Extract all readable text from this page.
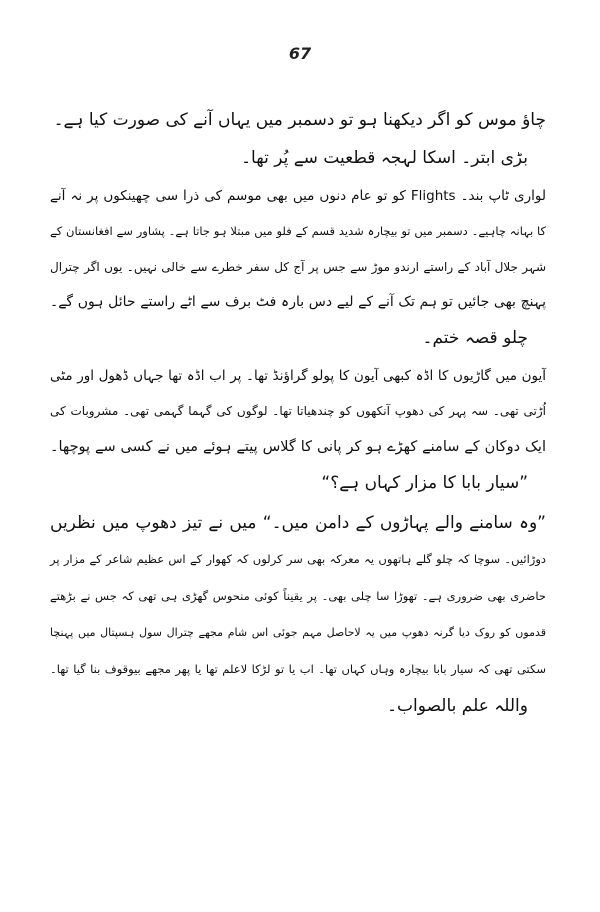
67
چاؤ موس کو اگر دیکھنا ہو تو دسمبر میں یہاں آنے کی صورت کیا ہے۔
بڑی ابتر۔ اسکا لہجہ قطعیت سے پُر تھا۔
لواری ٹاپ بند۔ Flights کو تو عام دنوں میں بھی موسم کی ذرا سی چھینکوں پر نہ آنے
کا بہانہ چاہیے۔ دسمبر میں تو بیچارہ شدید قسم کے فلو میں مبتلا ہو جاتا ہے۔ پشاور سے افغانستان کے
شہر جلال آباد کے راستے ارندو موڑ سے جس پر آج کل سفر خطرے سے خالی نہیں۔ یوں اگر چترال
پہنچ بھی جائیں تو ہم تک آنے کے لیے دس بارہ فٹ برف سے اٹے راستے حائل ہوں گے۔
چلو قصہ ختم۔
آیون میں گاڑیوں کا اڈہ کبھی آیون کا پولو گراؤنڈ تھا۔ پر اب اڈہ تھا جہاں ڈھول اور مٹی
اُڑتی تھی۔ سہ پہر کی دھوپ آنکھوں کو چندھیاتا تھا۔ لوگوں کی گہما گہمی تھی۔ مشروبات کی
ایک دوکان کے سامنے کھڑے ہو کر پانی کا گلاس پیتے ہوئے میں نے کسی سے پوچھا۔
”سیار بابا کا مزار کہاں ہے؟“
”وہ سامنے والے پہاڑوں کے دامن میں۔“ میں نے تیز دھوپ میں نظریں
دوڑائیں۔ سوچا کہ چلو گلے ہاتھوں یہ معرکہ بھی سر کرلوں کہ کھوار کے اس عظیم شاعر کے مزار پر
حاضری بھی ضروری ہے۔ تھوڑا سا چلی بھی۔ پر یقیناً کوئی منحوس گھڑی ہی تھی کہ جس نے بڑھتے
قدموں کو روک دیا گرنہ دھوپ میں یہ لاحاصل مہم جوئی اس شام مجھے چترال سول ہسپتال میں پہنچا
سکتی تھی کہ سیار بابا بیچارہ وہاں کہاں تھا۔ اب یا تو لڑکا لاعلم تھا یا پھر مجھے بیوقوف بنا گیا تھا۔
واللہ علم بالصواب۔
